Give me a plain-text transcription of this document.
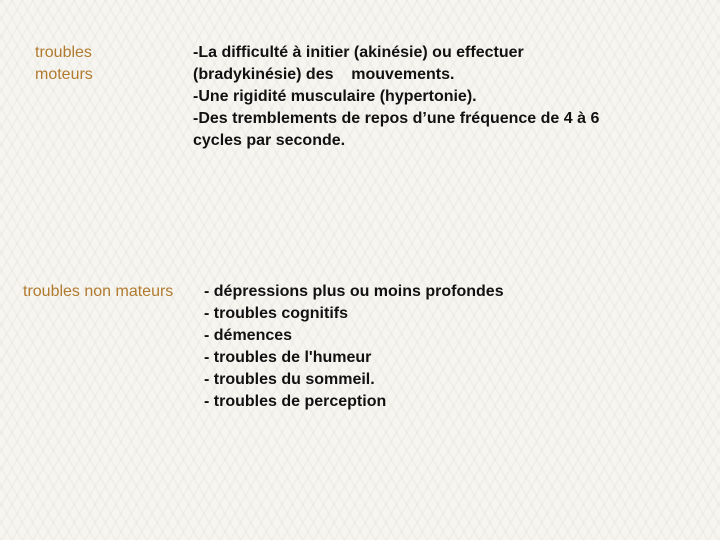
troubles
moteurs
-La difficulté à initier (akinésie) ou effectuer
(bradykinésie) des    mouvements.
-Une rigidité musculaire (hypertonie).
-Des tremblements de repos d’une fréquence de 4 à 6
cycles par seconde.
troubles non mateurs - dépressions plus ou moins profondes
- troubles cognitifs
- démences
- troubles de l'humeur
- troubles du sommeil.
- troubles de perception
